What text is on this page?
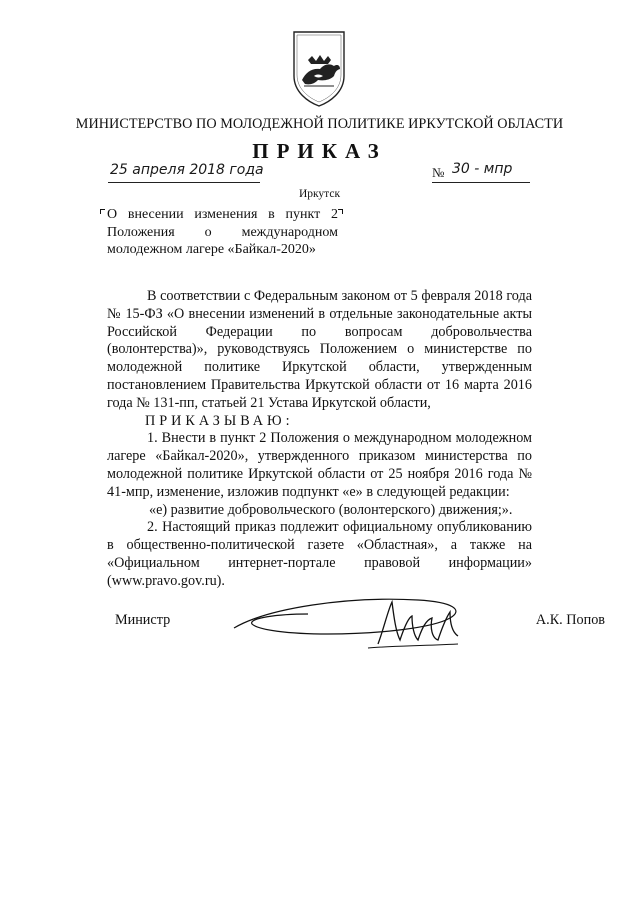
МИНИСТЕРСТВО ПО МОЛОДЕЖНОЙ ПОЛИТИКЕ ИРКУТСКОЙ ОБЛАСТИ
ПРИКАЗ
25 апреля 2018 года	№ 30 - мпр
Иркутск
О внесении изменения в пункт 2 Положения о международном молодежном лагере «Байкал-2020»

В соответствии с Федеральным законом от 5 февраля 2018 года № 15-ФЗ «О внесении изменений в отдельные законодательные акты Российской Федерации по вопросам добровольчества (волонтерства)», руководствуясь Положением о министерстве по молодежной политике Иркутской области, утвержденным постановлением Правительства Иркутской области от 16 марта 2016 года № 131-пп, статьей 21 Устава Иркутской области,

ПРИКАЗЫВАЮ:

1. Внести в пункт 2 Положения о международном молодежном лагере «Байкал-2020», утвержденного приказом министерства по молодежной политике Иркутской области от 25 ноября 2016 года № 41-мпр, изменение, изложив подпункт «е» в следующей редакции:

«е) развитие добровольческого (волонтерского) движения;».

2. Настоящий приказ подлежит официальному опубликованию в общественно-политической газете «Областная», а также на «Официальном интернет-портале правовой информации» (www.pravo.gov.ru).

Министр	А.К. Попов
